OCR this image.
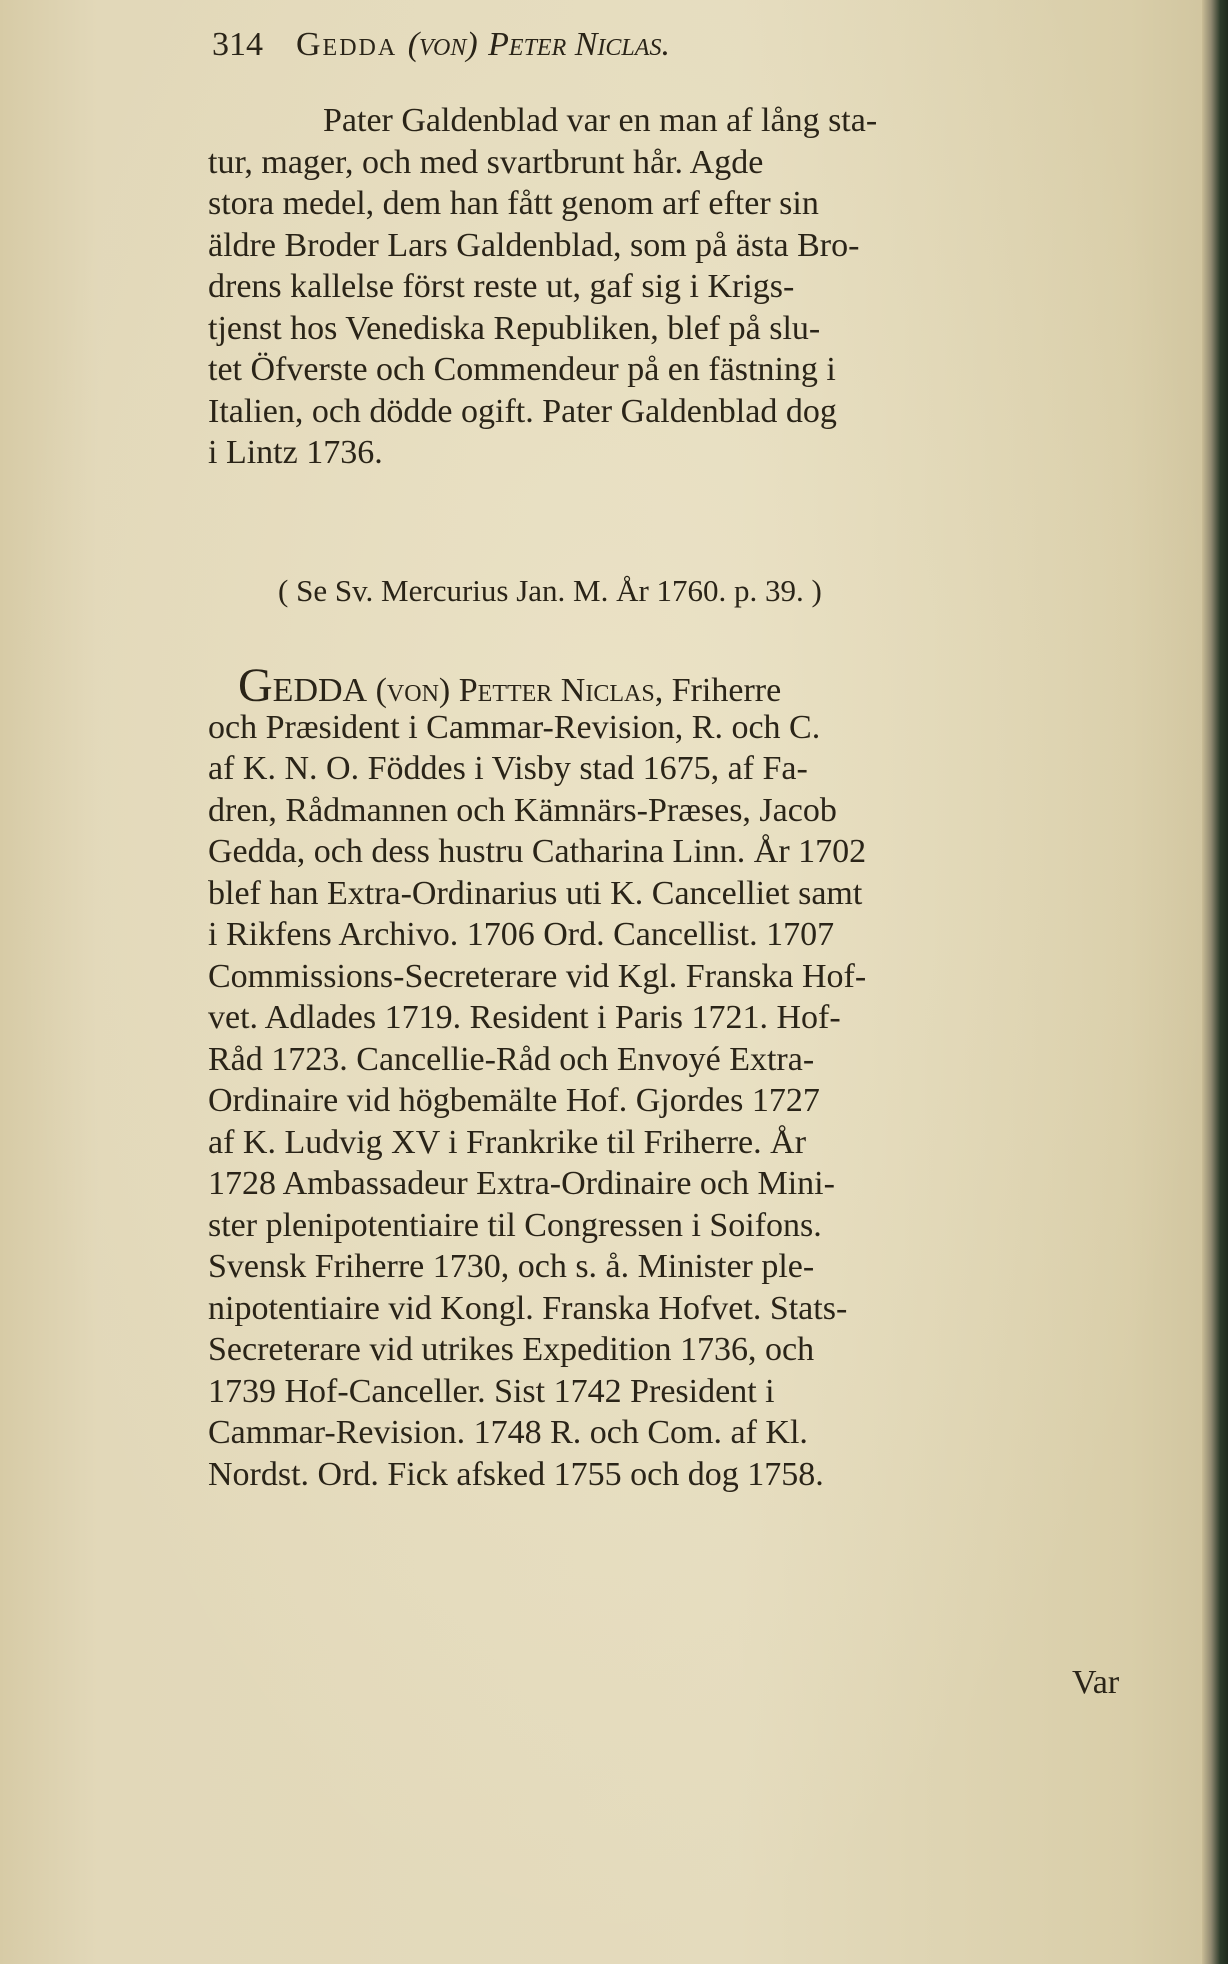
314 Gedda (von) Peter Niclas.
Pater Galdenblad var en man af lång sta-
tur, mager, och med svartbrunt hår. Agde
stora medel, dem han fått genom arf efter sin
äldre Broder Lars Galdenblad, som på ästa Bro-
drens kallelse först reste ut, gaf sig i Krigs-
tjenst hos Venediska Republiken, blef på slu-
tet Öfverste och Commendeur på en fästning i
Italien, och dödde ogift. Pater Galdenblad dog
i Lintz 1736.
( Se Sv. Mercurius Jan. M. År 1760. p. 39. )
GEDDA (von) Petter Niclas, Friherre
och Præsident i Cammar-Revision, R. och C.
af K. N. O. Föddes i Visby stad 1675, af Fa-
dren, Rådmannen och Kämnärs-Præses, Jacob
Gedda, och dess hustru Catharina Linn. År 1702
blef han Extra-Ordinarius uti K. Cancelliet samt
i Rikfens Archivo. 1706 Ord. Cancellist. 1707
Commissions-Secreterare vid Kgl. Franska Hof-
vet. Adlades 1719. Resident i Paris 1721. Hof-
Råd 1723. Cancellie-Råd och Envoyé Extra-
Ordinaire vid högbemälte Hof. Gjordes 1727
af K. Ludvig XV i Frankrike til Friherre. År
1728 Ambassadeur Extra-Ordinaire och Mini-
ster plenipotentiaire til Congressen i Soifons.
Svensk Friherre 1730, och s. å. Minister ple-
nipotentiaire vid Kongl. Franska Hofvet. Stats-
Secreterare vid utrikes Expedition 1736, och
1739 Hof-Canceller. Sist 1742 President i
Cammar-Revision. 1748 R. och Com. af Kl.
Nordst. Ord. Fick afsked 1755 och dog 1758.
Var
